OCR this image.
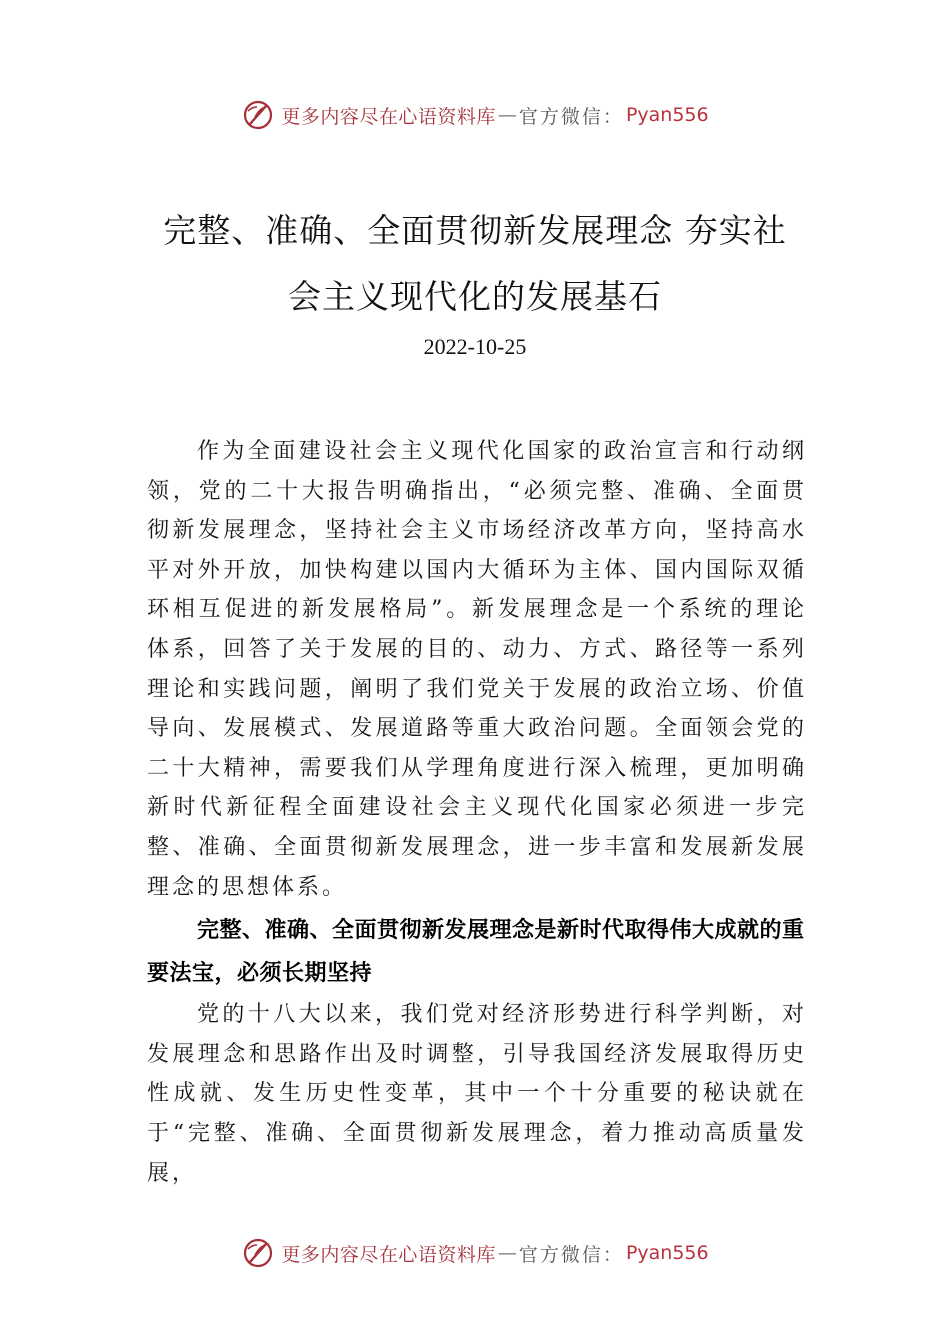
更多内容尽在心语资料库 — 官方微信： Pyan556
完整、准确、全面贯彻新发展理念 夯实社
会主义现代化的发展基石
2022-10-25

作为全面建设社会主义现代化国家的政治宣言和行动纲领，党的二十大报告明确指出，“必须完整、准确、全面贯彻新发展理念，坚持社会主义市场经济改革方向，坚持高水平对外开放，加快构建以国内大循环为主体、国内国际双循环相互促进的新发展格局”。新发展理念是一个系统的理论 体系，回答了关于发展的目的、动力、方式、路径等一系列 理论和实践问题，阐明了我们党关于发展的政治立场、价值导向、发展模式、发展道路等重大政治问题。全面领会党的二十大精神，需要我们从学理角度进行深入梳理，更加明确新时代新征程全面建设社会主义现代化国家必须进一步完 整、准确、全面贯彻新发展理念，进一步丰富和发展新发展理念的思想体系。

完整、准确、全面贯彻新发展理念是新时代取得伟大成就的重要法宝，必须长期坚持

党的十八大以来，我们党对经济形势进行科学判断，对发展理念和思路作出及时调整，引导我国经济发展取得历史性成就、发生历史性变革，其中一个十分重要的秘诀就在于“完整、准确、全面贯彻新发展理念，着力推动高质量发展，

更多内容尽在心语资料库 — 官方微信： Pyan556
